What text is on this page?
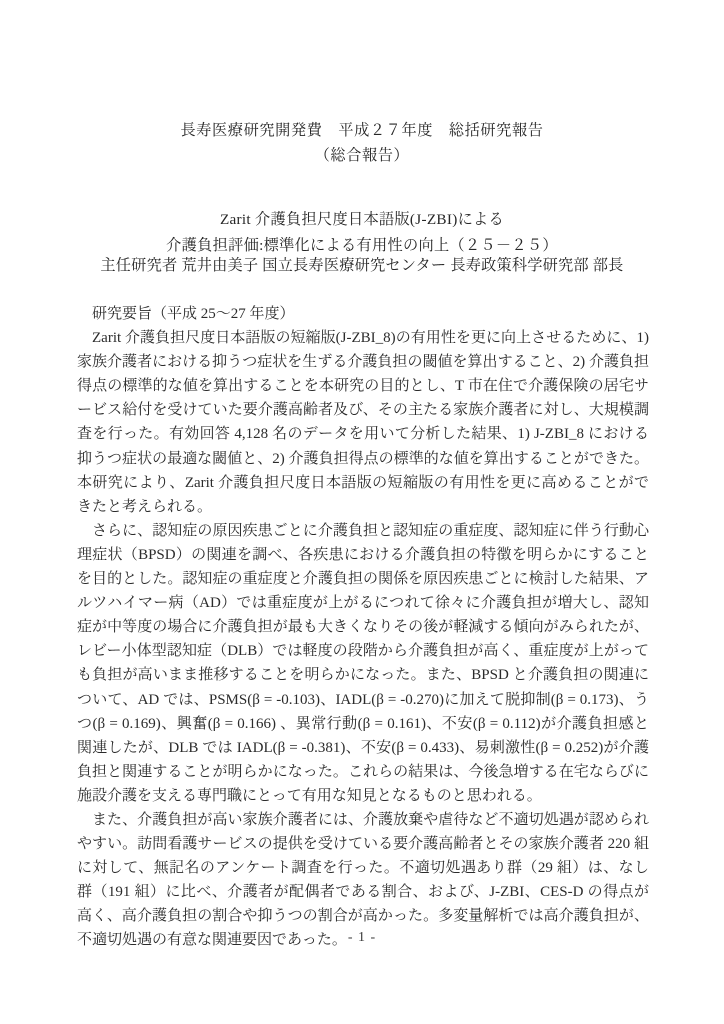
長寿医療研究開発費　平成２７年度　総括研究報告
（総合報告）
Zarit 介護負担尺度日本語版(J-ZBI)による
介護負担評価:標準化による有用性の向上（２５－２５）
主任研究者 荒井由美子 国立長寿医療研究センター 長寿政策科学研究部 部長

研究要旨（平成 25〜27 年度）

Zarit 介護負担尺度日本語版の短縮版(J-ZBI_8)の有用性を更に向上させるために、1) 家族介護者における抑うつ症状を生ずる介護負担の閾値を算出すること、2) 介護負担得点の標準的な値を算出することを本研究の目的とし、T 市在住で介護保険の居宅サービス給付を受けていた要介護高齢者及び、その主たる家族介護者に対し、大規模調査を行った。有効回答 4,128 名のデータを用いて分析した結果、1) J-ZBI_8 における抑うつ症状の最適な閾値と、2) 介護負担得点の標準的な値を算出することができた。本研究により、Zarit 介護負担尺度日本語版の短縮版の有用性を更に高めることができたと考えられる。

さらに、認知症の原因疾患ごとに介護負担と認知症の重症度、認知症に伴う行動心理症状（BPSD）の関連を調べ、各疾患における介護負担の特徴を明らかにすることを目的とした。認知症の重症度と介護負担の関係を原因疾患ごとに検討した結果、アルツハイマー病（AD）では重症度が上がるにつれて徐々に介護負担が増大し、認知症が中等度の場合に介護負担が最も大きくなりその後が軽減する傾向がみられたが、レビー小体型認知症（DLB）では軽度の段階から介護負担が高く、重症度が上がっても負担が高いまま推移することを明らかになった。また、BPSD と介護負担の関連について、AD では、PSMS(β = -0.103)、IADL(β = -0.270)に加えて脱抑制(β = 0.173)、うつ(β = 0.169)、興奮(β = 0.166) 、異常行動(β = 0.161)、不安(β = 0.112)が介護負担感と関連したが、DLB では IADL(β = -0.381)、不安(β = 0.433)、易刺激性(β = 0.252)が介護負担と関連することが明らかになった。これらの結果は、今後急増する在宅ならびに施設介護を支える専門職にとって有用な知見となるものと思われる。

また、介護負担が高い家族介護者には、介護放棄や虐待など不適切処遇が認められやすい。訪問看護サービスの提供を受けている要介護高齢者とその家族介護者 220 組に対して、無記名のアンケート調査を行った。不適切処遇あり群（29 組）は、なし群（191 組）に比べ、介護者が配偶者である割合、および、J-ZBI、CES-D の得点が高く、高介護負担の割合や抑うつの割合が高かった。多変量解析では高介護負担が、不適切処遇の有意な関連要因であった。 - 1 -
